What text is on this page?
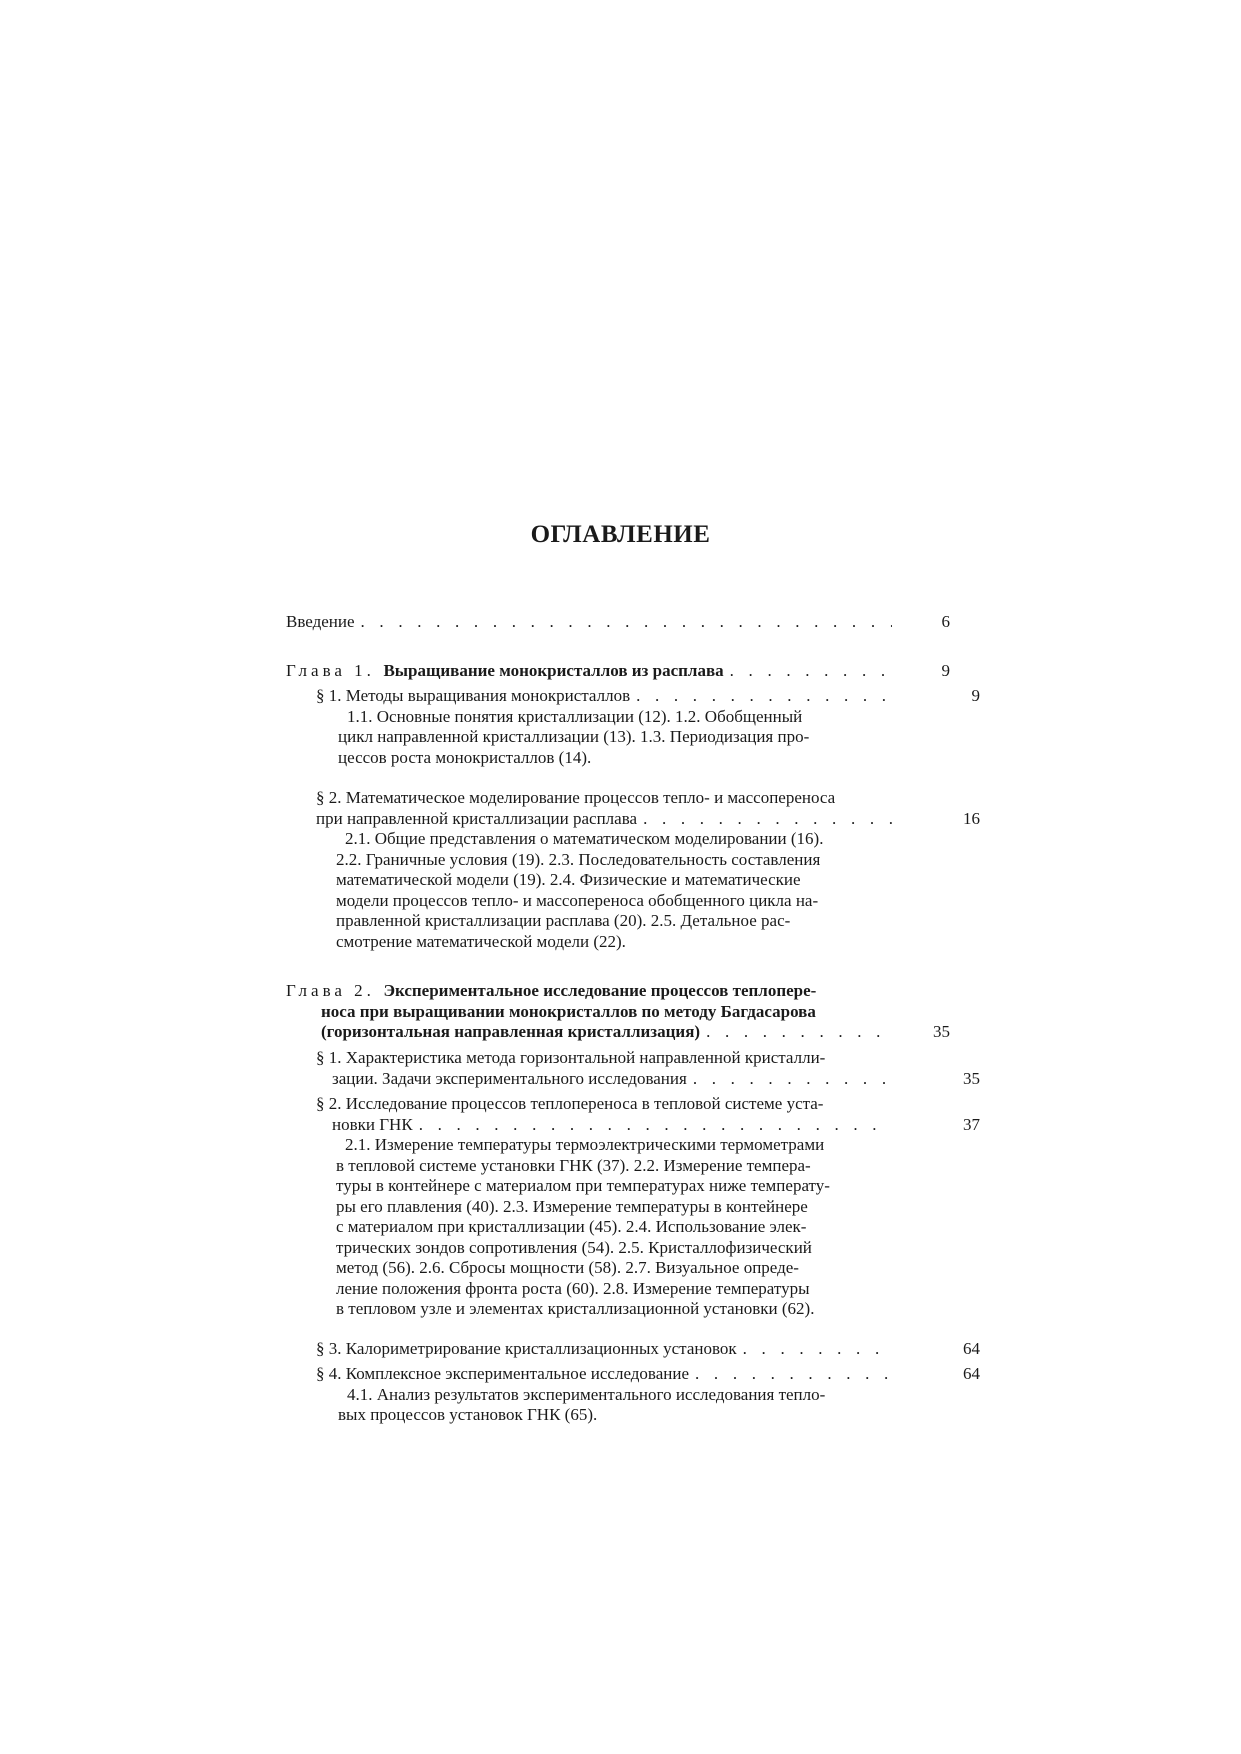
ОГЛАВЛЕНИЕ
Введение . . .	6
Глава 1.
Выращивание монокристаллов из расплава . . .	9
§ 1. Методы выращивания монокристаллов . . .	9
1.1. Основные понятия кристаллизации (12). 1.2. Обобщенный
цикл направленной кристаллизации (13). 1.3. Периодизация про-
цессов роста монокристаллов (14).
§ 2. Математическое моделирование процессов тепло- и массопереноса
при направленной кристаллизации расплава . . .	16
2.1. Общие представления о математическом моделировании (16).
2.2. Граничные условия (19). 2.3. Последовательность составления
математической модели (19). 2.4. Физические и математические
модели процессов тепло- и массопереноса обобщенного цикла на-
правленной кристаллизации расплава (20). 2.5. Детальное рас-
смотрение математической модели (22).
Глава 2. Экспериментальное исследование процессов теплопере-
носа при выращивании монокристаллов по методу Багдасарова
(горизонтальная направленная кристаллизация) . . .	35
§ 1. Характеристика метода горизонтальной направленной кристалли-
зации. Задачи экспериментального исследования . . .	35
§ 2. Исследование процессов теплопереноса в тепловой системе уста-
новки ГНК . . .	37
2.1. Измерение температуры термоэлектрическими термометрами
в тепловой системе установки ГНК (37). 2.2. Измерение темпера-
туры в контейнере с материалом при температурах ниже температу-
ры его плавления (40). 2.3. Измерение температуры в контейнере
с материалом при кристаллизации (45). 2.4. Использование элек-
трических зондов сопротивления (54). 2.5. Кристаллофизический
метод (56). 2.6. Сбросы мощности (58). 2.7. Визуальное опреде-
ление положения фронта роста (60). 2.8. Измерение температуры
в тепловом узле и элементах кристаллизационной установки (62).
§ 3. Калориметрирование кристаллизационных установок . . .	64
§ 4. Комплексное экспериментальное исследование . . .	64
4.1. Анализ результатов экспериментального исследования тепло-
вых процессов установок ГНК (65).
